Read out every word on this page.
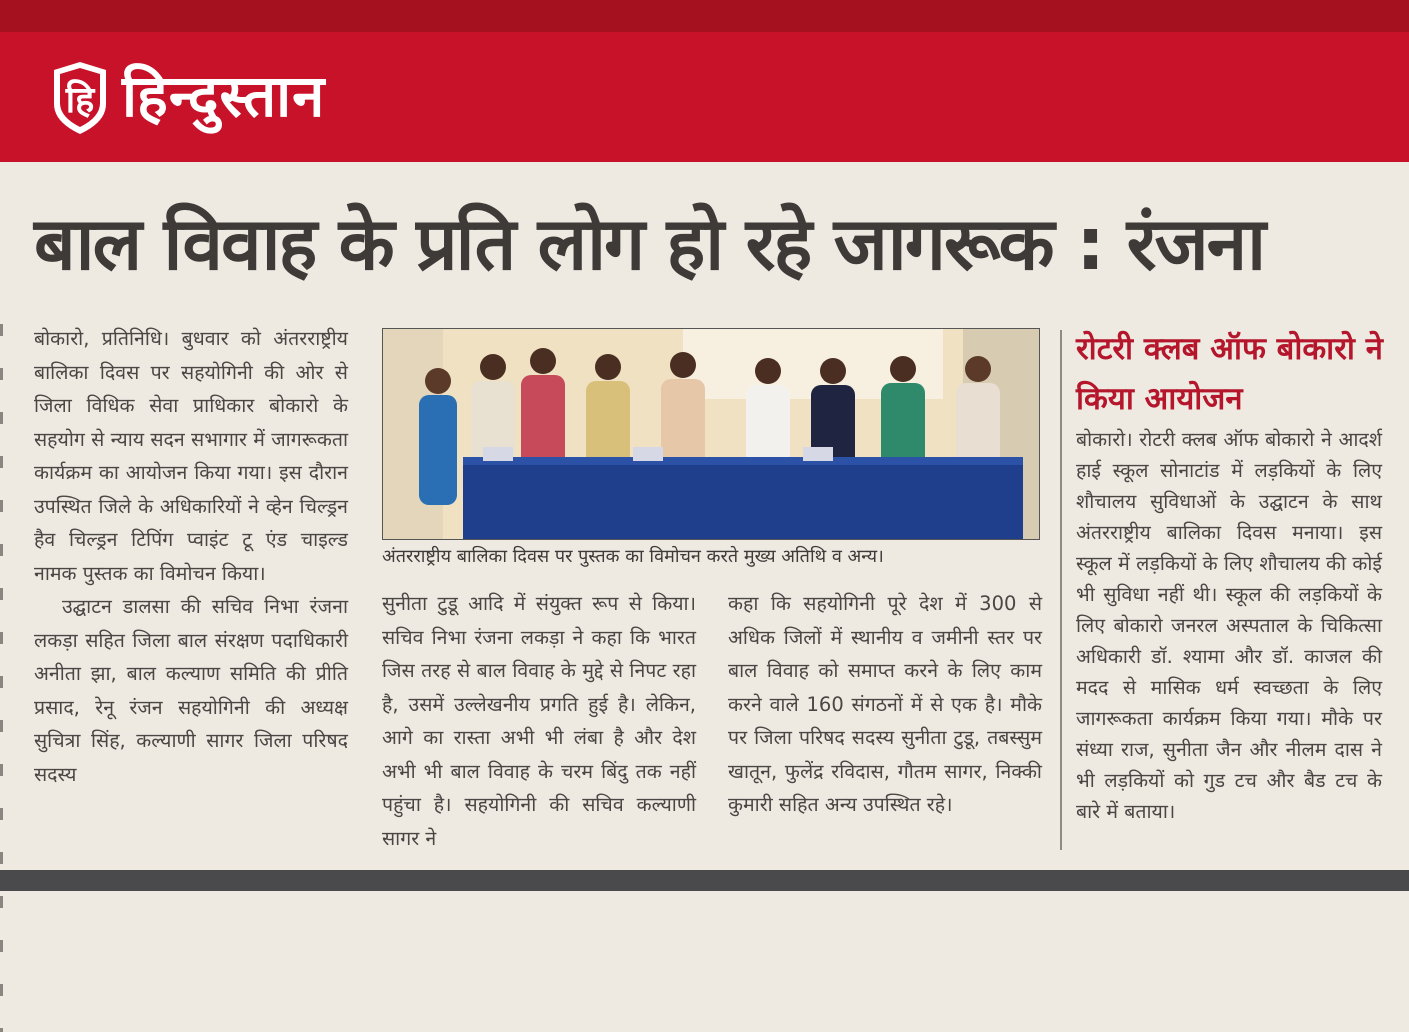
हि हिन्दुस्तान
बाल विवाह के प्रति लोग हो रहे जागरूक : रंजना

बोकारो, प्रतिनिधि। बुधवार को अंतरराष्ट्रीय बालिका दिवस पर सहयोगिनी की ओर से जिला विधिक सेवा प्राधिकार बोकारो के सहयोग से न्याय सदन सभागार में जागरूकता कार्यक्रम का आयोजन किया गया। इस दौरान उपस्थित जिले के अधिकारियों ने व्हेन चिल्ड्रन हैव चिल्ड्रन टिपिंग प्वाइंट टू एंड चाइल्ड नामक पुस्तक का विमोचन किया।

उद्घाटन डालसा की सचिव निभा रंजना लकड़ा सहित जिला बाल संरक्षण पदाधिकारी अनीता झा, बाल कल्याण समिति की प्रीति प्रसाद, रेनू रंजन सहयोगिनी की अध्यक्ष सुचित्रा सिंह, कल्याणी सागर जिला परिषद सदस्य

अंतरराष्ट्रीय बालिका दिवस पर पुस्तक का विमोचन करते मुख्य अतिथि व अन्य।

सुनीता टुडू आदि में संयुक्त रूप से किया। सचिव निभा रंजना लकड़ा ने कहा कि भारत जिस तरह से बाल विवाह के मुद्दे से निपट रहा है, उसमें उल्लेखनीय प्रगति हुई है। लेकिन, आगे का रास्ता अभी भी लंबा है और देश अभी भी बाल विवाह के चरम बिंदु तक नहीं पहुंचा है। सहयोगिनी की सचिव कल्याणी सागर ने

कहा कि सहयोगिनी पूरे देश में 300 से अधिक जिलों में स्थानीय व जमीनी स्तर पर बाल विवाह को समाप्त करने के लिए काम करने वाले 160 संगठनों में से एक है। मौके पर जिला परिषद सदस्य सुनीता टुडू, तबस्सुम खातून, फुलेंद्र रविदास, गौतम सागर, निक्की कुमारी सहित अन्य उपस्थित रहे।

रोटरी क्लब ऑफ बोकारो ने किया आयोजन

बोकारो। रोटरी क्लब ऑफ बोकारो ने आदर्श हाई स्कूल सोनाटांड में लड़कियों के लिए शौचालय सुविधाओं के उद्घाटन के साथ अंतरराष्ट्रीय बालिका दिवस मनाया। इस स्कूल में लड़कियों के लिए शौचालय की कोई भी सुविधा नहीं थी। स्कूल की लड़कियों के लिए बोकारो जनरल अस्पताल के चिकित्सा अधिकारी डॉ. श्यामा और डॉ. काजल की मदद से मासिक धर्म स्वच्छता के लिए जागरूकता कार्यक्रम किया गया। मौके पर संध्या राज, सुनीता जैन और नीलम दास ने भी लड़कियों को गुड टच और बैड टच के बारे में बताया।
